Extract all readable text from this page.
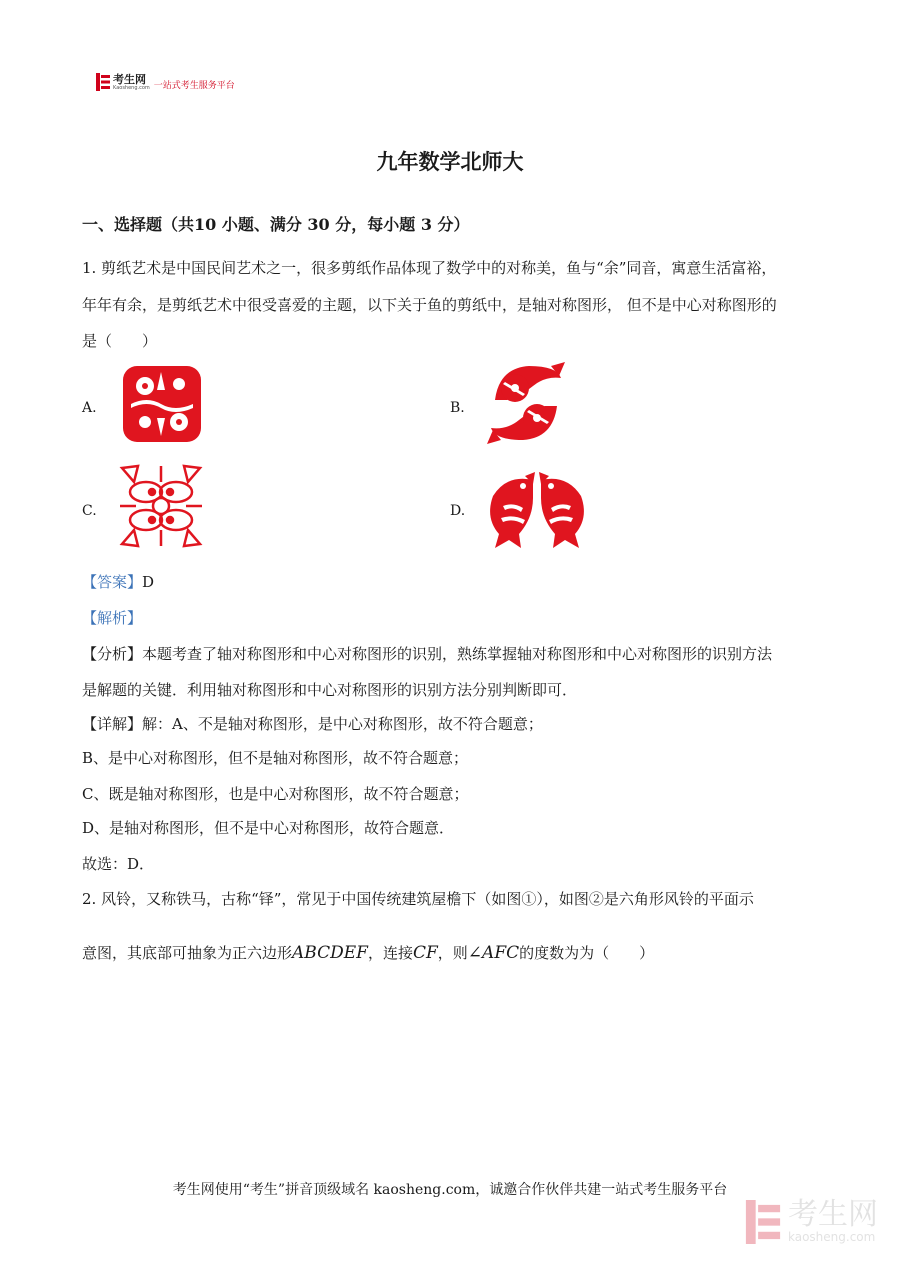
考生网
Kaosheng.com 一站式考生服务平台
九年数学北师大
一、选择题（共10 小题、满分 30 分，每小题 3 分）
1. 剪纸艺术是中国民间艺术之一，很多剪纸作品体现了数学中的对称美，鱼与“余”同音，寓意生活富裕，
年年有余，是剪纸艺术中很受喜爱的主题，以下关于鱼的剪纸中，是轴对称图形， 但不是中心对称图形的
是（　　）
A.	B.
C.	D.
【答案】D
【解析】
【分析】本题考查了轴对称图形和中心对称图形的识别，熟练掌握轴对称图形和中心对称图形的识别方法
是解题的关键．利用轴对称图形和中心对称图形的识别方法分别判断即可．
【详解】解：A、不是轴对称图形，是中心对称图形，故不符合题意；
B、是中心对称图形，但不是轴对称图形，故不符合题意；
C、既是轴对称图形，也是中心对称图形，故不符合题意；
D、是轴对称图形，但不是中心对称图形，故符合题意．
故选：D．
2. 风铃，又称铁马，古称“铎”，常见于中国传统建筑屋檐下（如图①），如图②是六角形风铃的平面示
意图，其底部可抽象为正六边形ABCDEF，连接CF，则∠AFC的度数为为（　　）
考生网使用“考生”拼音顶级域名 kaosheng.com，诚邀合作伙伴共建一站式考生服务平台
考生网
kaosheng.com
